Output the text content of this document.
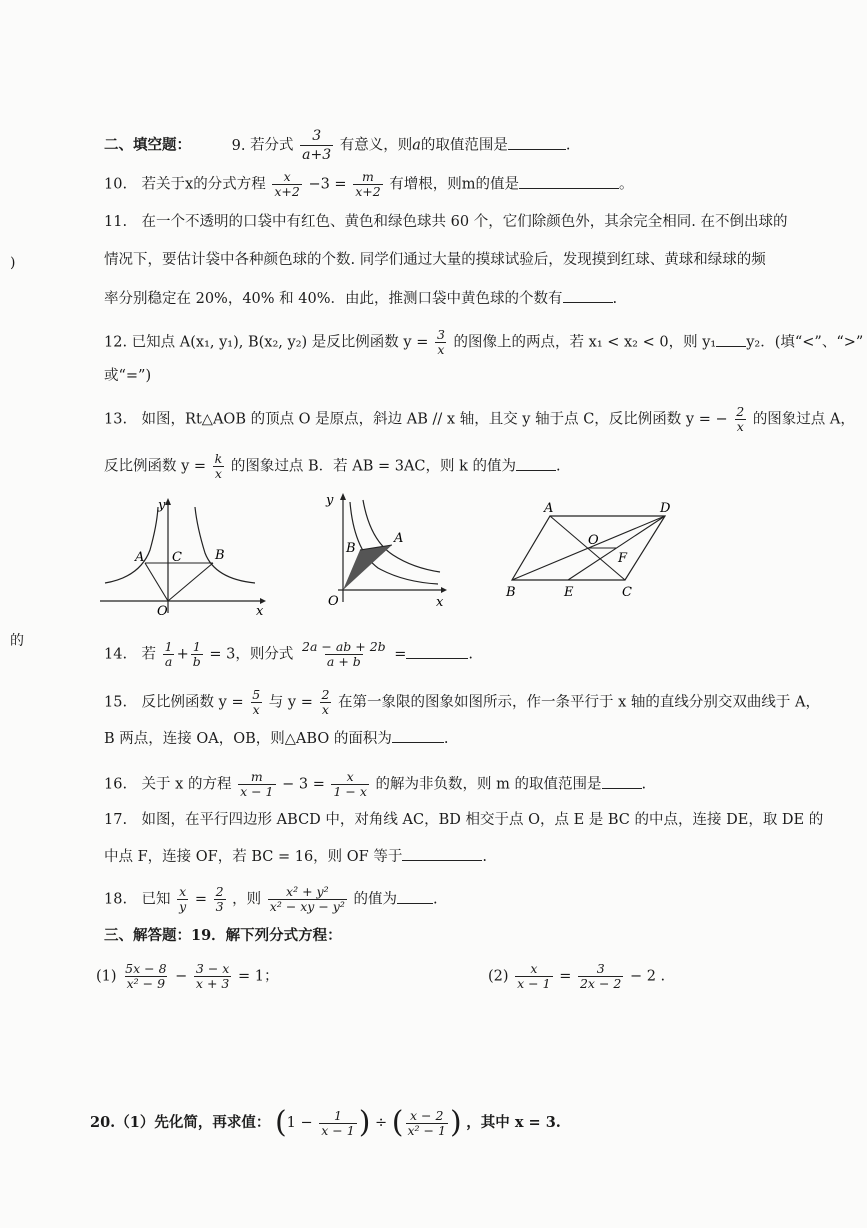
)
的
二、填空题：	9. 若分式 $\frac{3}{a+3}$ 有意义，则a的取值范围是	.
10.　若关于x的分式方程 $\frac{x}{x+2} -3 = \frac{m}{x+2}$ 有增根，则m的值是	。
11.　在一个不透明的口袋中有红色、黄色和绿色球共 60 个，它们除颜色外，其余完全相同. 在不倒出球的
情况下，要估计袋中各种颜色球的个数. 同学们通过大量的摸球试验后，发现摸到红球、黄球和绿球的频
率分别稳定在 20%，40% 和 40%．由此，推测口袋中黄色球的个数有	.
12. 已知点 A(x₁, y₁), B(x₂, y₂) 是反比例函数 $y = \frac{3}{x}$ 的图像上的两点，若 x₁ < x₂ < 0，则 y₁ y₂．(填“<”、“>”
或“=”)
13.　如图，Rt△AOB 的顶点 O 是原点，斜边 AB // x 轴，且交 y 轴于点 C，反比例函数 y = − $\frac{2}{x}$ 的图象过点 A，
反比例函数 $y = \frac{k}{x}$ 的图象过点 B．若 AB = 3AC，则 k 的值为	.
y
x
A C	B
O
y
x
A
B
O
A	D
O
F
B	E	C
14.　若 $\frac{1}{a} + \frac{1}{b} = 3$，则分式 $\frac{2a - ab + 2b}{a + b}$ =	.
15.　反比例函数 $y = \frac{5}{x}$ 与 $y = \frac{2}{x}$ 在第一象限的图象如图所示，作一条平行于 x 轴的直线分别交双曲线于 A，
B 两点，连接 OA，OB，则△ABO 的面积为	.
16.　关于 x 的方程 $\frac{m}{x - 1} - 3 = \frac{x}{1 - x}$ 的解为非负数，则 m 的取值范围是	.
17.　如图，在平行四边形 ABCD 中，对角线 AC，BD 相交于点 O，点 E 是 BC 的中点，连接 DE，取 DE 的
中点 F，连接 OF，若 BC = 16，则 OF 等于	.
18.　已知 $\frac{x}{y} = \frac{2}{3}$ ，则 $\frac{\text{x² + y²}}{\text{x² − xy − y²}}$ 的值为 .
三、解答题：19．解下列分式方程：
$(1) \frac{5x - 8}{\text{x² − 9}} - \frac{3 - x}{x + 3} = 1$；	$(2) \frac{x}{x - 1} = \frac{3}{2x - 2} - 2$ .
20.（1）先化简，再求值： ($1 - \frac{1}{x - 1}$ ) ÷ ( $\frac{x - 2}{\text{x² − 1}}$ ) ，其中 x = 3.
